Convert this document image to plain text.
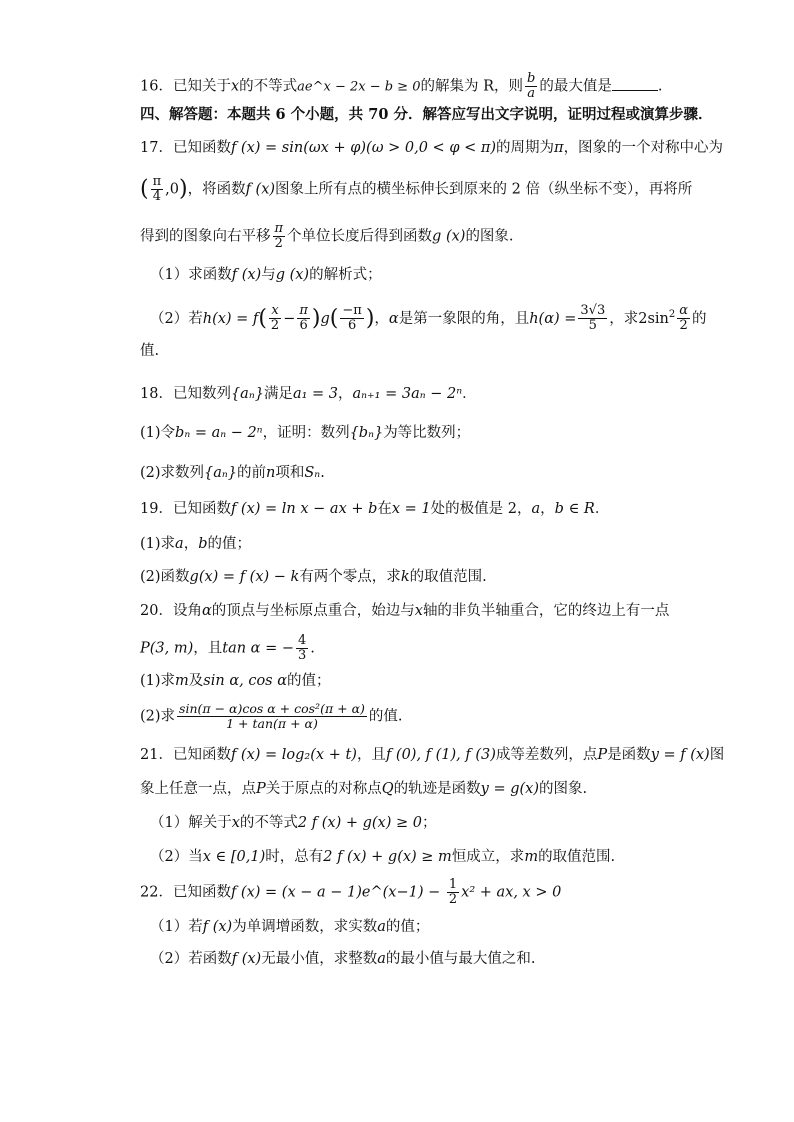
16．已知关于x的不等式ae^x − 2x − b ≥ 0的解集为 R，则 $\frac{b}{a}$ 的最大值是	.
四、解答题：本题共 6 个小题，共 70 分．解答应写出文字说明，证明过程或演算步骤．
17．已知函数f (x) = sin(ωx + φ)(ω > 0,0 < φ < π)的周期为π，图象的一个对称中心为
( $\frac{\pi}{4} ,0$)，将函数f (x)图象上所有点的横坐标伸长到原来的 2 倍（纵坐标不变），再将所
得到的图象向右平移 $\frac{\pi}{2}$ 个单位长度后得到函数g (x)的图象.
（1）求函数f (x)与g (x)的解析式；
（2）若$h(x) = f( \frac{x}{2} - \frac{\pi}{6} )g( \frac{-\pi}{6}$ )，α是第一象限的角，且$h(\alpha) = \frac{3√3}{5}$ ，求$2\sin^2 \frac{\alpha}{2}$ 的
值.
18．已知数列{aₙ}满足a₁ = 3，aₙ₊₁ = 3aₙ − 2ⁿ．
(1)令bₙ = aₙ − 2ⁿ，证明：数列{bₙ}为等比数列；
(2)求数列{aₙ}的前n项和Sₙ.
19．已知函数f (x) = ln x − ax + b在x = 1处的极值是 2，a，b ∈ R．
(1)求a，b的值；
(2)函数g(x) = f (x) − k有两个零点，求k的取值范围.
20．设角α的顶点与坐标原点重合，始边与x轴的非负半轴重合，它的终边上有一点
P(3, m)，且tan α = − $\frac{4}{3}$ .
(1)求m及sin α, cos α的值；
(2)求 $\frac{\text{sin(π − α)cos α + cos²(π + α)}}{1 + \tan(\pi + \alpha)}$ 的值.
21．已知函数f (x) = log₂(x + t)，且f (0), f (1), f (3)成等差数列，点P是函数y = f (x)图
象上任意一点，点P关于原点的对称点Q的轨迹是函数y = g(x)的图象.
（1）解关于x的不等式2 f (x) + g(x) ≥ 0；
（2）当x ∈ [0,1)时，总有2 f (x) + g(x) ≥ m恒成立，求m的取值范围.
22．已知函数f (x) = (x − a − 1)e^(x−1) − $\frac{1}{2} x^2$ + ax, x > 0
（1）若f (x)为单调增函数，求实数a的值；
（2）若函数f (x)无最小值，求整数a的最小值与最大值之和.
